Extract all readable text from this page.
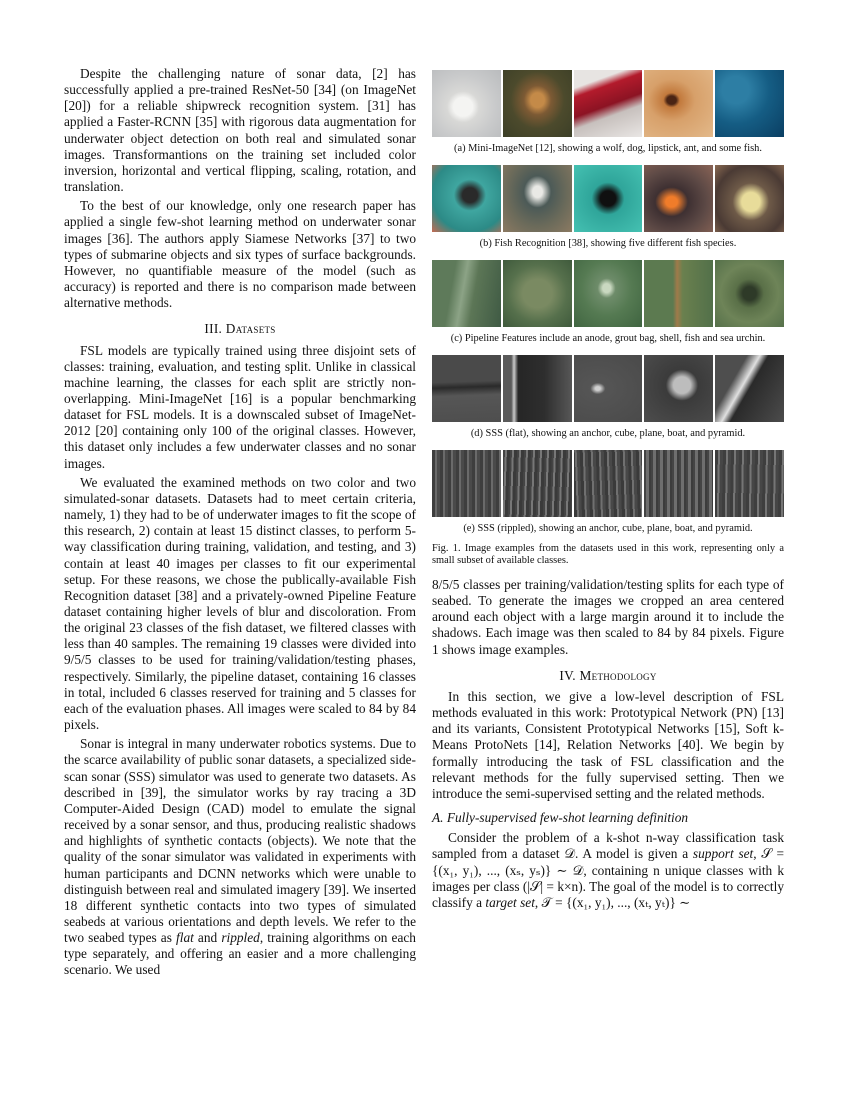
Despite the challenging nature of sonar data, [2] has successfully applied a pre-trained ResNet-50 [34] (on ImageNet [20]) for a reliable shipwreck recognition system. [31] has applied a Faster-RCNN [35] with rigorous data augmentation for underwater object detection on both real and simulated sonar images. Transformantions on the training set included color inversion, horizontal and vertical flipping, scaling, rotation, and translation.

To the best of our knowledge, only one research paper has applied a single few-shot learning method on underwater sonar images [36]. The authors apply Siamese Networks [37] to two types of submarine objects and six types of surface backgrounds. However, no quantifiable measure of the model (such as accuracy) is reported and there is no comparison made between alternative methods.

III. Datasets

FSL models are typically trained using three disjoint sets of classes: training, evaluation, and testing split. Unlike in classical machine learning, the classes for each split are strictly non-overlapping. Mini-ImageNet [16] is a popular benchmarking dataset for FSL models. It is a downscaled subset of ImageNet-2012 [20] containing only 100 of the original classes. However, this dataset only includes a few underwater classes and no sonar images.

We evaluated the examined methods on two color and two simulated-sonar datasets. Datasets had to meet certain criteria, namely, 1) they had to be of underwater images to fit the scope of this research, 2) contain at least 15 distinct classes, to perform 5-way classification during training, validation, and testing, and 3) contain at least 40 images per classes to fit our experimental setup. For these reasons, we chose the publically-available Fish Recognition dataset [38] and a privately-owned Pipeline Feature dataset containing higher levels of blur and discoloration. From the original 23 classes of the fish dataset, we filtered classes with less than 40 samples. The remaining 19 classes were divided into 9/5/5 classes to be used for training/validation/testing phases, respectively. Similarly, the pipeline dataset, containing 16 classes in total, included 6 classes reserved for training and 5 classes for each of the evaluation phases. All images were scaled to 84 by 84 pixels.

Sonar is integral in many underwater robotics systems. Due to the scarce availability of public sonar datasets, a specialized side-scan sonar (SSS) simulator was used to generate two datasets. As described in [39], the simulator works by ray tracing a 3D Computer-Aided Design (CAD) model to emulate the signal received by a sonar sensor, and thus, producing realistic shadows and highlights of synthetic contacts (objects). We note that the quality of the sonar simulator was validated in experiments with human participants and DCNN networks which were unable to distinguish between real and simulated imagery [39]. We inserted 18 different synthetic contacts into two types of simulated seabeds at various orientations and depth levels. We refer to the two seabed types as flat and rippled, training algorithms on each type separately, and offering an easier and a more challenging scenario. We used

(a) Mini-ImageNet [12], showing a wolf, dog, lipstick, ant, and some fish.
(b) Fish Recognition [38], showing five different fish species.
(c) Pipeline Features include an anode, grout bag, shell, fish and sea urchin.
(d) SSS (flat), showing an anchor, cube, plane, boat, and pyramid.
(e) SSS (rippled), showing an anchor, cube, plane, boat, and pyramid.
Fig. 1. Image examples from the datasets used in this work, representing only a small subset of available classes.

8/5/5 classes per training/validation/testing splits for each type of seabed. To generate the images we cropped an area centered around each object with a large margin around it to include the shadows. Each image was then scaled to 84 by 84 pixels. Figure 1 shows image examples.

IV. Methodology

In this section, we give a low-level description of FSL methods evaluated in this work: Prototypical Network (PN) [13] and its variants, Consistent Prototypical Networks [15], Soft k-Means ProtoNets [14], Relation Networks [40]. We begin by formally introducing the task of FSL classification and the relevant methods for the fully supervised setting. Then we introduce the semi-supervised setting and the related methods.

A. Fully-supervised few-shot learning definition

Consider the problem of a k-shot n-way classification task sampled from a dataset 𝒟. A model is given a support set, 𝒮 = {(x₁, y₁), ..., (xₛ, yₛ)} ∼ 𝒟, containing n unique classes with k images per class (|𝒮| = k×n). The goal of the model is to correctly classify a target set, 𝒯 = {(x₁, y₁), ..., (xₜ, yₜ)} ∼
